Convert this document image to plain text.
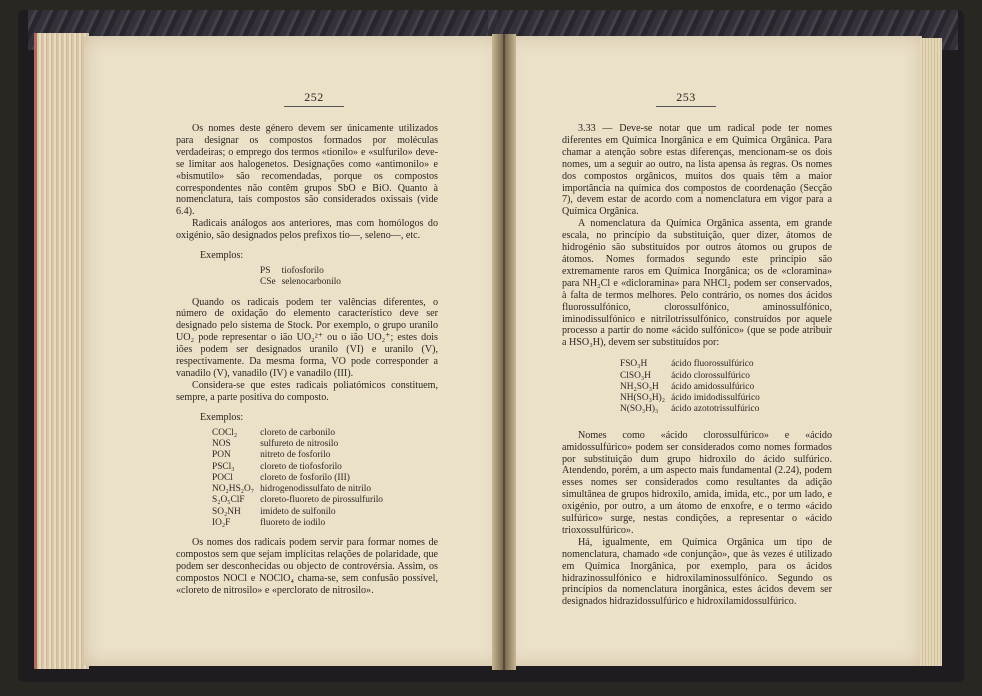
252

Os nomes deste género devem ser únicamente utilizados para designar os compostos formados por moléculas verdadeiras; o emprego dos termos «tionilo» e «sulfurilo» deve-se limitar aos halogenetos. Designações como «antimonilo» e «bismutilo» são recomendadas, porque os compostos correspondentes não contêm grupos SbO e BiO. Quanto à nomenclatura, tais compostos são considerados oxissais (vide 6.4).

Radicais análogos aos anteriores, mas com homólogos do oxigénio, são designados pelos prefixos tio—, seleno—, etc.

Exemplos:

PS	tiofosforilo
CSe	selenocarbonilo

Quando os radicais podem ter valências diferentes, o número de oxidação do elemento característico deve ser designado pelo sistema de Stock. Por exemplo, o grupo uranilo UO₂ pode representar o ião UO₂²⁺ ou o ião UO₂⁺; estes dois iões podem ser designados uranilo (VI) e uranilo (V), respectivamente. Da mesma forma, VO pode corresponder a vanadilo (V), vanadilo (IV) e vanadilo (III).

Considera-se que estes radicais poliatómicos constituem, sempre, a parte positiva do composto.

Exemplos:

COCl₂	cloreto de carbonilo
NOS	sulfureto de nitrosilo
PON	nitreto de fosforilo
PSCl₃	cloreto de tiofosforilo
POCl	cloreto de fosforilo (III)
NO₂HS₂O₇	hidrogenodissulfato de nitrilo
S₂O₅ClF	cloreto-fluoreto de pirossulfurilo
SO₂NH	imideto de sulfonilo
IO₂F	fluoreto de iodilo

Os nomes dos radicais podem servir para formar nomes de compostos sem que sejam implícitas relações de polaridade, que podem ser desconhecidas ou objecto de controvérsia. Assim, os compostos NOCl e NOClO₄ chama-se, sem confusão possível, «cloreto de nitrosilo» e «perclorato de nitrosilo».

253

3.33 — Deve-se notar que um radical pode ter nomes diferentes em Química Inorgânica e em Química Orgânica. Para chamar a atenção sobre estas diferenças, mencionam-se os dois nomes, um a seguir ao outro, na lista apensa às regras. Os nomes dos compostos orgânicos, muitos dos quais têm a maior importância na química dos compostos de coordenação (Secção 7), devem estar de acordo com a nomenclatura em vigor para a Química Orgânica.

A nomenclatura da Química Orgânica assenta, em grande escala, no princípio da substituição, quer dizer, átomos de hidrogénio são substituídos por outros átomos ou grupos de átomos. Nomes formados segundo este princípio são extremamente raros em Química Inorgânica; os de «cloramina» para NH₂Cl e «dicloramina» para NHCl₂ podem ser conservados, à falta de termos melhores. Pelo contrário, os nomes dos ácidos fluorossulfónico, clorossulfónico, aminossulfónico, iminodissulfónico e nitrilotrissulfónico, construídos por aquele processo a partir do nome «ácido sulfónico» (que se pode atribuir a HSO₃H), devem ser substituídos por:

FSO₃H	ácido fluorossulfúrico
ClSO₃H	ácido clorossulfúrico
NH₂SO₃H	ácido amidossulfúrico
NH(SO₃H)₂	ácido imidodissulfúrico
N(SO₃H)₃	ácido azototrissulfúrico

Nomes como «ácido clorossulfúrico» e «ácido amidossulfúrico» podem ser considerados como nomes formados por substituição dum grupo hidroxilo do ácido sulfúrico. Atendendo, porém, a um aspecto mais fundamental (2.24), podem esses nomes ser considerados como resultantes da adição simultânea de grupos hidroxilo, amida, imida, etc., por um lado, e oxigénio, por outro, a um átomo de enxofre, e o termo «ácido sulfúrico» surge, nestas condições, a representar o «ácido trioxossulfúrico».

Há, igualmente, em Química Orgânica um tipo de nomenclatura, chamado «de conjunção», que às vezes é utilizado em Química Inorgânica, por exemplo, para os ácidos hidrazinossulfónico e hidroxilaminossulfónico. Segundo os princípios da nomenclatura inorgânica, estes ácidos devem ser designados hidrazidossulfúrico e hidroxilamidossulfúrico.
